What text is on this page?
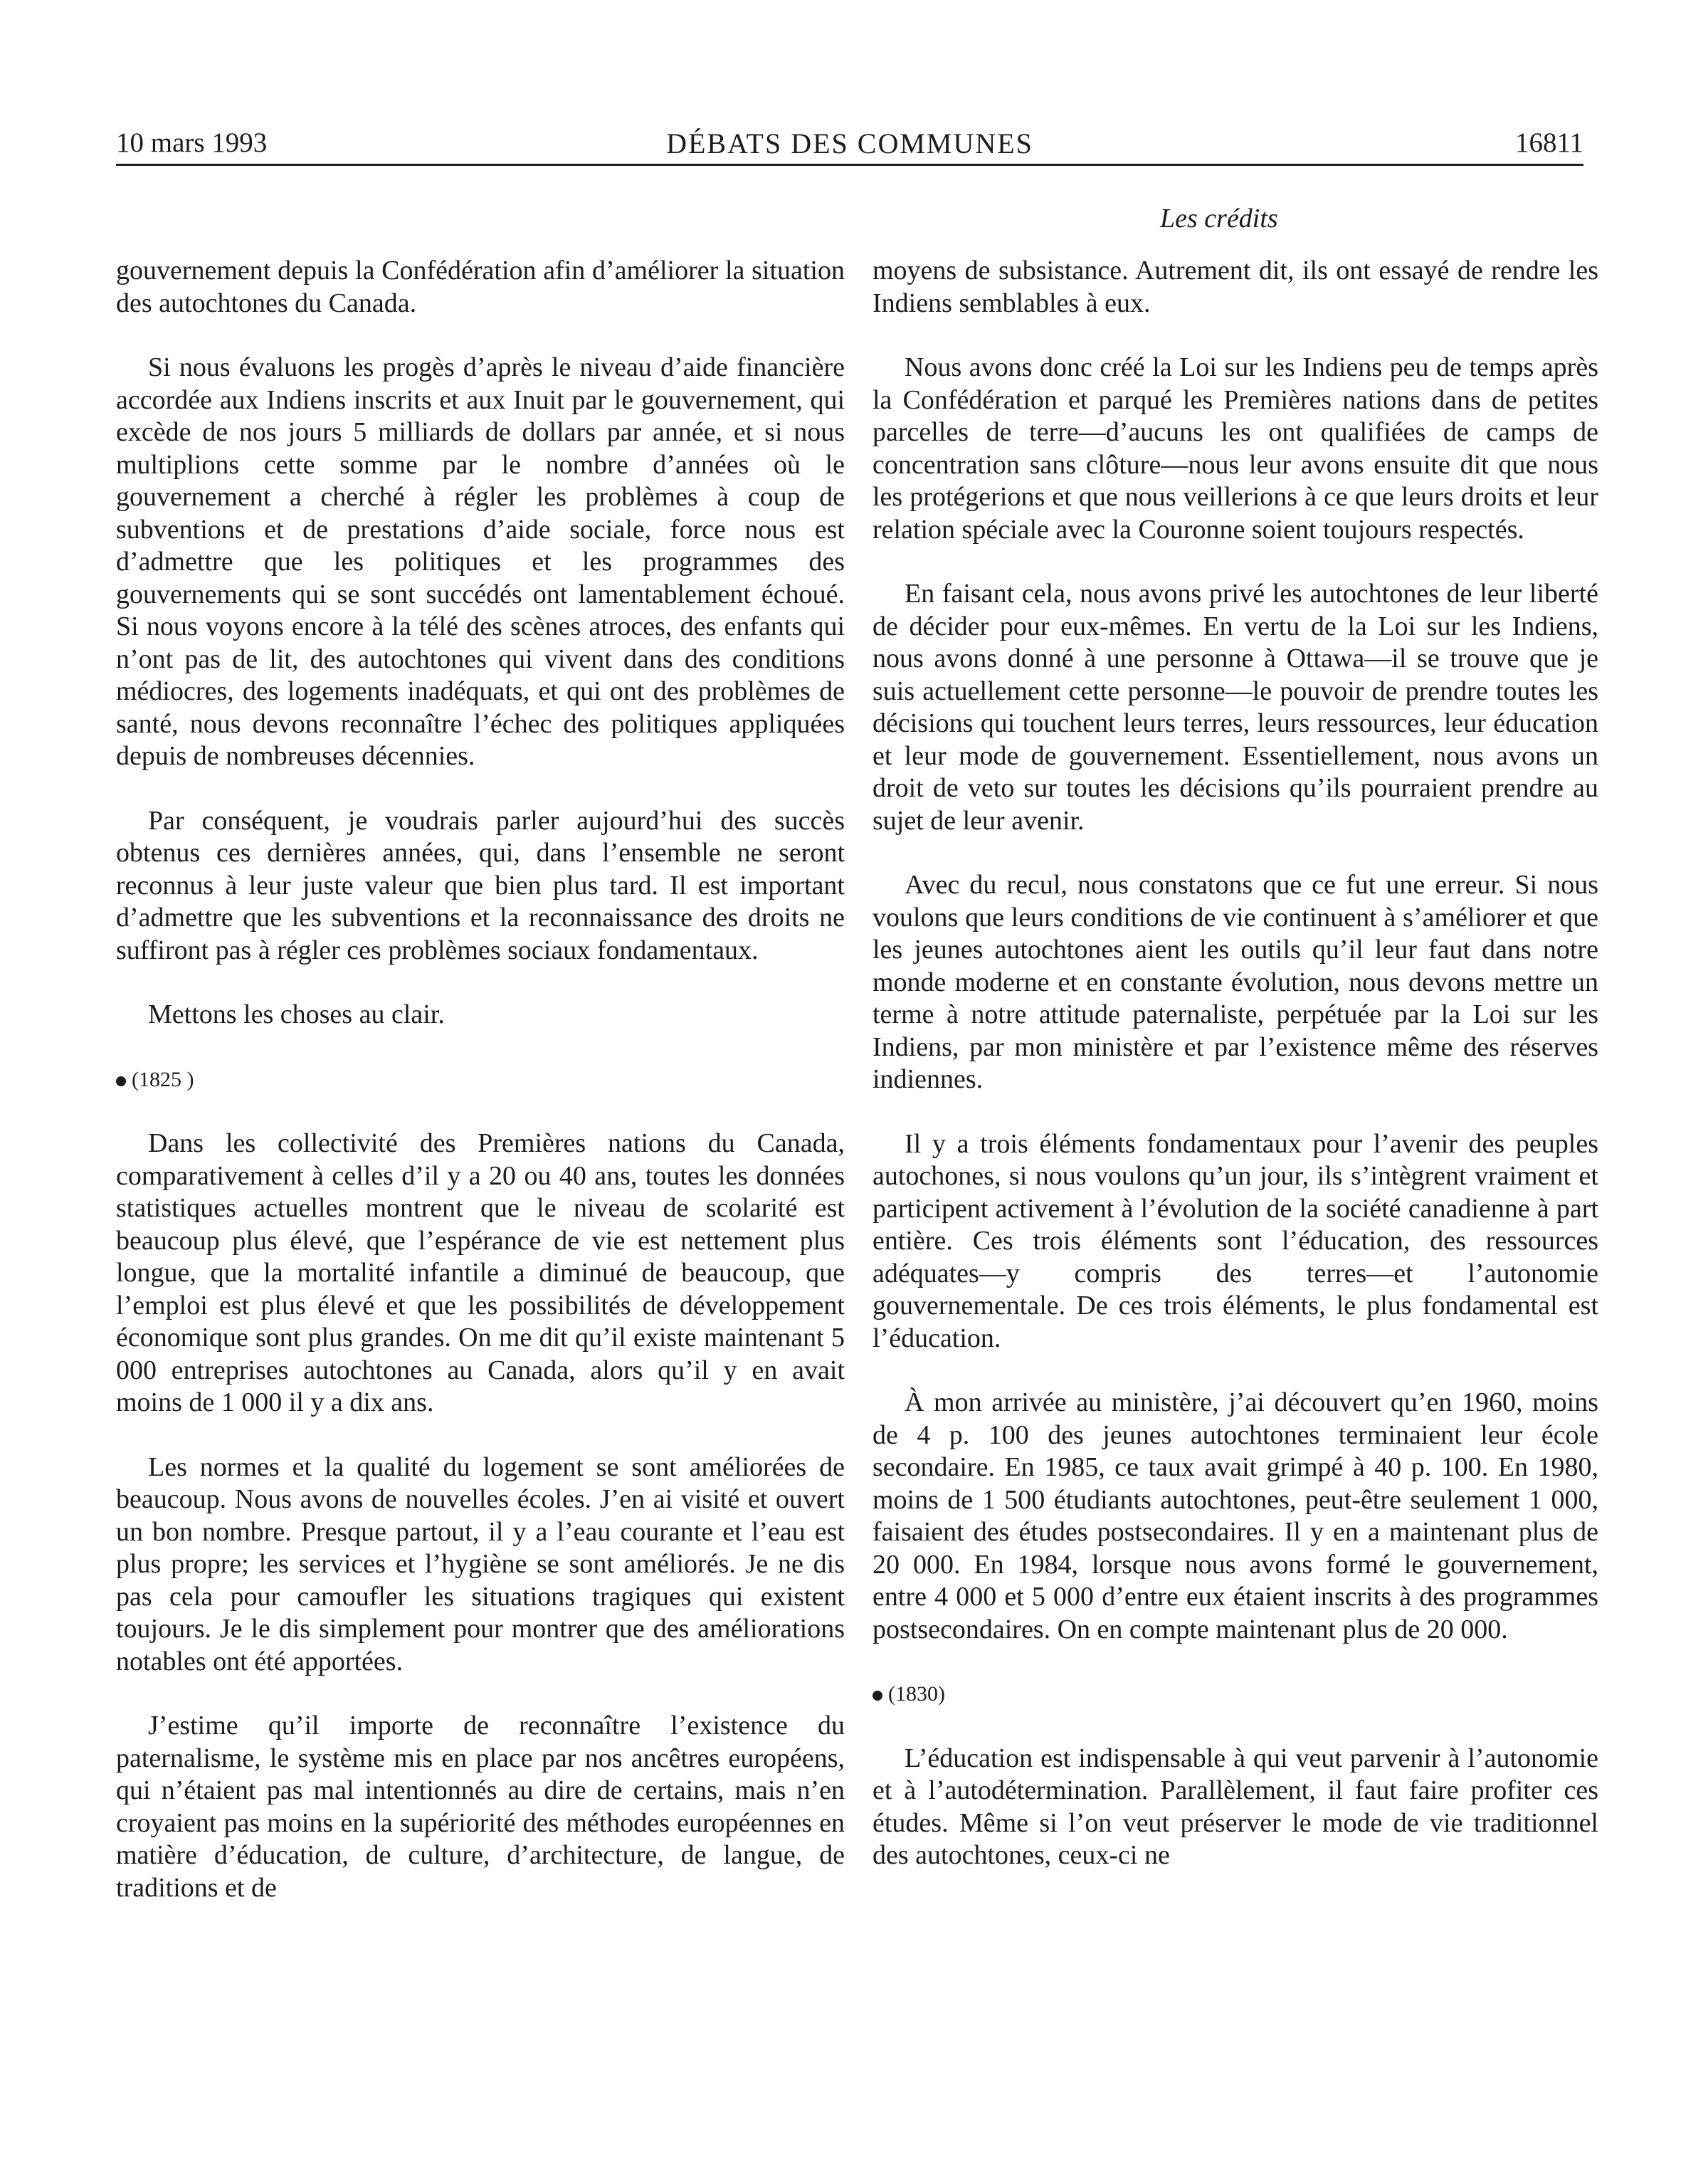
10 mars 1993	DÉBATS DES COMMUNES	16811
Les crédits

gouvernement depuis la Confédération afin d’améliorer la situation des autochtones du Canada.

Si nous évaluons les progès d’après le niveau d’aide financière accordée aux Indiens inscrits et aux Inuit par le gouvernement, qui excède de nos jours 5 milliards de dollars par année, et si nous multiplions cette somme par le nombre d’années où le gouvernement a cherché à régler les problèmes à coup de subventions et de prestations d’aide sociale, force nous est d’admettre que les politiques et les programmes des gouvernements qui se sont succédés ont lamentablement échoué. Si nous voyons encore à la télé des scènes atroces, des enfants qui n’ont pas de lit, des autochtones qui vivent dans des conditions médiocres, des logements inadéquats, et qui ont des problèmes de santé, nous devons reconnaître l’échec des politiques appliquées depuis de nombreuses décennies.

Par conséquent, je voudrais parler aujourd’hui des succès obtenus ces dernières années, qui, dans l’ensemble ne seront reconnus à leur juste valeur que bien plus tard. Il est important d’admettre que les subventions et la reconnaissance des droits ne suffiront pas à régler ces problèmes sociaux fondamentaux.

Mettons les choses au clair.

(1825 )

Dans les collectivité des Premières nations du Canada, comparativement à celles d’il y a 20 ou 40 ans, toutes les données statistiques actuelles montrent que le niveau de scolarité est beaucoup plus élevé, que l’espérance de vie est nettement plus longue, que la mortalité infantile a diminué de beaucoup, que l’emploi est plus élevé et que les possibilités de développement économique sont plus grandes. On me dit qu’il existe maintenant 5 000 entreprises autochtones au Canada, alors qu’il y en avait moins de 1 000 il y a dix ans.

Les normes et la qualité du logement se sont améliorées de beaucoup. Nous avons de nouvelles écoles. J’en ai visité et ouvert un bon nombre. Presque partout, il y a l’eau courante et l’eau est plus propre; les services et l’hygiène se sont améliorés. Je ne dis pas cela pour camoufler les situations tragiques qui existent toujours. Je le dis simplement pour montrer que des améliorations notables ont été apportées.

J’estime qu’il importe de reconnaître l’existence du paternalisme, le système mis en place par nos ancêtres européens, qui n’étaient pas mal intentionnés au dire de certains, mais n’en croyaient pas moins en la supériorité des méthodes européennes en matière d’éducation, de culture, d’architecture, de langue, de traditions et de

moyens de subsistance. Autrement dit, ils ont essayé de rendre les Indiens semblables à eux.

Nous avons donc créé la Loi sur les Indiens peu de temps après la Confédération et parqué les Premières nations dans de petites parcelles de terre—d’aucuns les ont qualifiées de camps de concentration sans clôture—nous leur avons ensuite dit que nous les protégerions et que nous veillerions à ce que leurs droits et leur relation spéciale avec la Couronne soient toujours respectés.

En faisant cela, nous avons privé les autochtones de leur liberté de décider pour eux-mêmes. En vertu de la Loi sur les Indiens, nous avons donné à une personne à Ottawa—il se trouve que je suis actuellement cette personne—le pouvoir de prendre toutes les décisions qui touchent leurs terres, leurs ressources, leur éducation et leur mode de gouvernement. Essentiellement, nous avons un droit de veto sur toutes les décisions qu’ils pourraient prendre au sujet de leur avenir.

Avec du recul, nous constatons que ce fut une erreur. Si nous voulons que leurs conditions de vie continuent à s’améliorer et que les jeunes autochtones aient les outils qu’il leur faut dans notre monde moderne et en constante évolution, nous devons mettre un terme à notre attitude paternaliste, perpétuée par la Loi sur les Indiens, par mon ministère et par l’existence même des réserves indiennes.

Il y a trois éléments fondamentaux pour l’avenir des peuples autochones, si nous voulons qu’un jour, ils s’intègrent vraiment et participent activement à l’évolution de la société canadienne à part entière. Ces trois éléments sont l’éducation, des ressources adéquates—y compris des terres—et l’autonomie gouvernementale. De ces trois éléments, le plus fondamental est l’éducation.

À mon arrivée au ministère, j’ai découvert qu’en 1960, moins de 4 p. 100 des jeunes autochtones terminaient leur école secondaire. En 1985, ce taux avait grimpé à 40 p. 100. En 1980, moins de 1 500 étudiants autochtones, peut-être seulement 1 000, faisaient des études postsecondaires. Il y en a maintenant plus de 20 000. En 1984, lorsque nous avons formé le gouvernement, entre 4 000 et 5 000 d’entre eux étaient inscrits à des programmes postsecondaires. On en compte maintenant plus de 20 000.

(1830)

L’éducation est indispensable à qui veut parvenir à l’autonomie et à l’autodétermination. Parallèlement, il faut faire profiter ces études. Même si l’on veut préserver le mode de vie traditionnel des autochtones, ceux-ci ne
